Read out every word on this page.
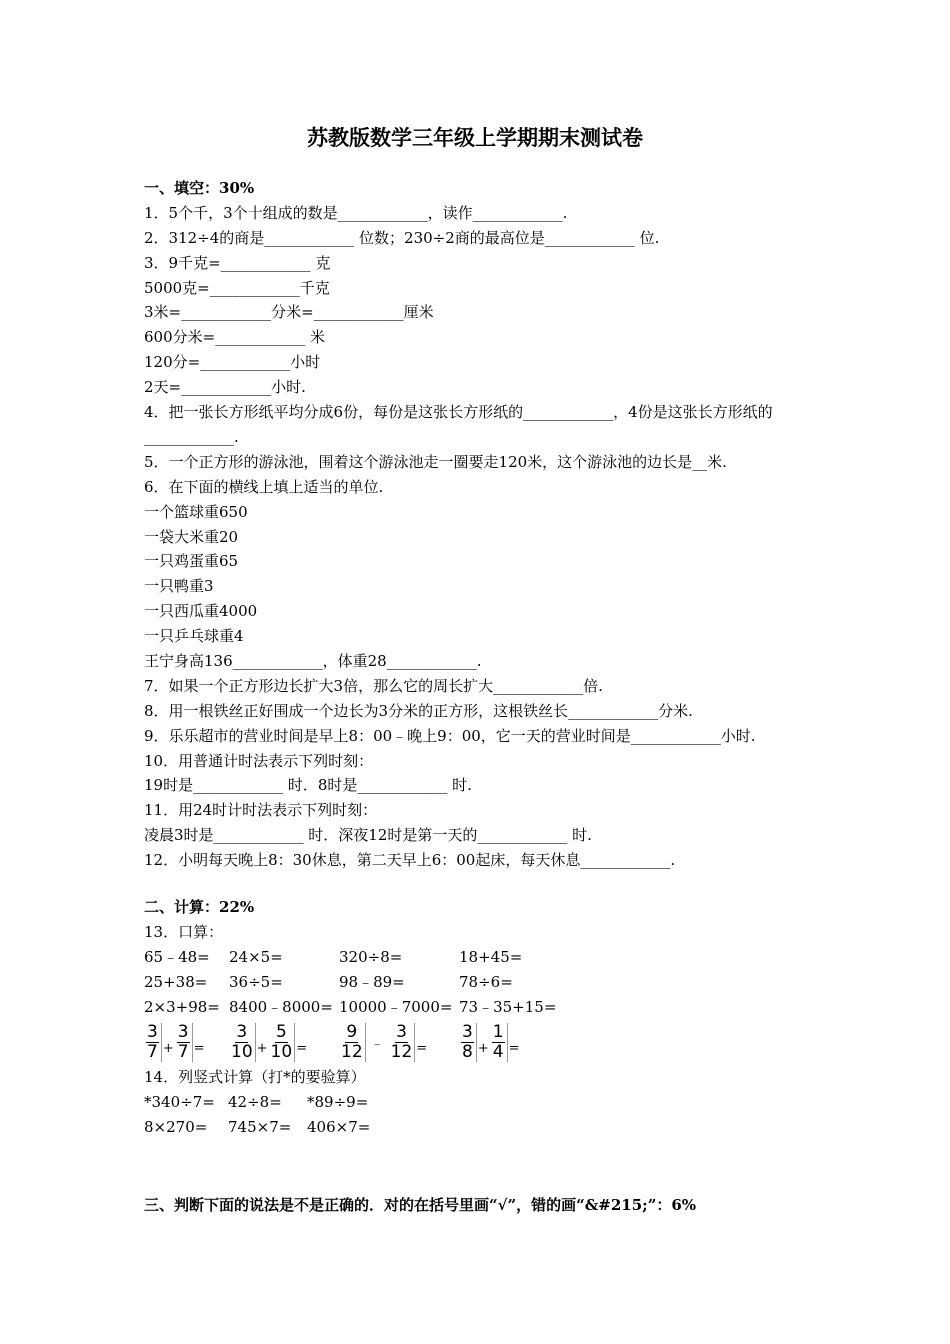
苏教版数学三年级上学期期末测试卷
一、填空：30%
1．5个千，3个十组成的数是____________，读作____________.
2．312÷4的商是____________ 位数；230÷2商的最高位是____________ 位.
3．9千克=____________ 克
5000克=____________千克
3米=____________分米=____________厘米
600分米=____________ 米
120分=____________小时
2天=____________小时.
4．把一张长方形纸平均分成6份，每份是这张长方形纸的____________，4份是这张长方形纸的____________.
5．一个正方形的游泳池，围着这个游泳池走一圈要走120米，这个游泳池的边长是__米.
6．在下面的横线上填上适当的单位.
一个篮球重650
一袋大米重20
一只鸡蛋重65
一只鸭重3
一只西瓜重4000
一只乒乓球重4
王宁身高136____________，体重28____________.
7．如果一个正方形边长扩大3倍，那么它的周长扩大____________倍.
8．用一根铁丝正好围成一个边长为3分米的正方形，这根铁丝长____________分米.
9．乐乐超市的营业时间是早上8：00﹣晚上9：00，它一天的营业时间是____________小时.
10．用普通计时法表示下列时刻：
19时是____________ 时．8时是____________ 时.
11．用24时计时法表示下列时刻：
凌晨3时是____________ 时．深夜12时是第一天的____________ 时.
12．小明每天晚上8：30休息，第二天早上6：00起床，每天休息____________.
二、计算：22%
13．口算：
65﹣48=	24×5=	320÷8=	18+45=
25+38=	36÷5=	98﹣89=	78÷6=
2×3+98= 8400﹣8000= 10000﹣7000= 73﹣35+15=
$\frac{3}{7} + \frac{3}{7} = \frac{3}{10} + \frac{5}{10} = \frac{9}{12}$ ﹣ $\frac{3}{12} = \frac{3}{8} + \frac{1}{4}$ =
14．列竖式计算（打*的要验算）
*340÷7= 42÷8=	*89÷9=
8×270=	745×7=	406×7=
三、判断下面的说法是不是正确的．对的在括号里画“√”，错的画“&#215;”：6%
